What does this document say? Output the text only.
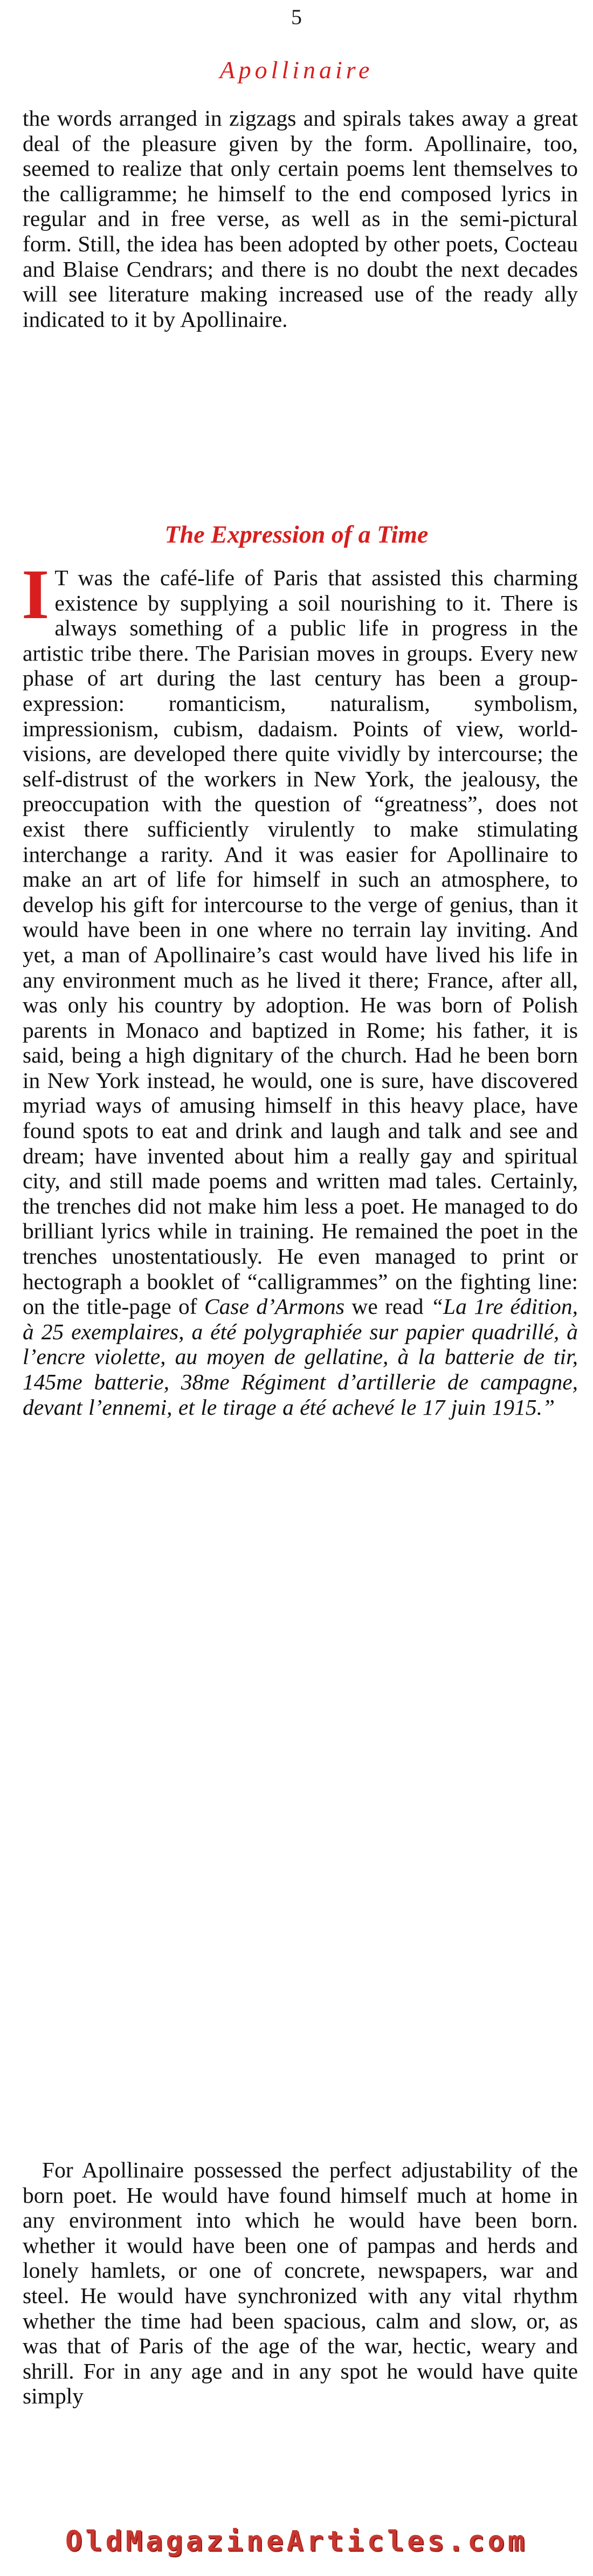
5
Apollinaire

the words arranged in zigzags and spirals takes away a great deal of the pleasure given by the form. Apollinaire, too, seemed to realize that only certain poems lent themselves to the calligramme; he himself to the end composed lyrics in regular and in free verse, as well as in the semi-pictural form. Still, the idea has been adopted by other poets, Cocteau and Blaise Cendrars; and there is no doubt the next decades will see literature making increased use of the ready ally indicated to it by Apollinaire.

The Expression of a Time

I T was the café-life of Paris that assisted this charming existence by supplying a soil nourishing to it. There is always something of a public life in progress in the artistic tribe there. The Parisian moves in groups. Every new phase of art during the last century has been a group-expression: romanticism, naturalism, symbolism, impressionism, cubism, dadaism. Points of view, world-visions, are developed there quite vividly by intercourse; the self-distrust of the workers in New York, the jealousy, the preoccupation with the question of “greatness”, does not exist there sufficiently virulently to make stimulating interchange a rarity. And it was easier for Apollinaire to make an art of life for himself in such an atmosphere, to develop his gift for intercourse to the verge of genius, than it would have been in one where no terrain lay inviting. And yet, a man of Apollinaire’s cast would have lived his life in any environment much as he lived it there; France, after all, was only his country by adoption. He was born of Polish parents in Monaco and baptized in Rome; his father, it is said, being a high dignitary of the church. Had he been born in New York instead, he would, one is sure, have discovered myriad ways of amusing himself in this heavy place, have found spots to eat and drink and laugh and talk and see and dream; have invented about him a really gay and spiritual city, and still made poems and written mad tales. Certainly, the trenches did not make him less a poet. He managed to do brilliant lyrics while in training. He remained the poet in the trenches unostentatiously. He even managed to print or hectograph a booklet of “calligrammes” on the fighting line: on the title-page of Case d’Armons we read “La 1re édition, à 25 exemplaires, a été polygraphiée sur papier quadrillé, à l’encre violette, au moyen de gellatine, à la batterie de tir, 145me batterie, 38me Régiment d’artillerie de campagne, devant l’ennemi, et le tirage a été achevé le 17 juin 1915.”

For Apollinaire possessed the perfect adjustability of the born poet. He would have found himself much at home in any environment into which he would have been born. whether it would have been one of pampas and herds and lonely hamlets, or one of concrete, newspapers, war and steel. He would have synchronized with any vital rhythm whether the time had been spacious, calm and slow, or, as was that of Paris of the age of the war, hectic, weary and shrill. For in any age and in any spot he would have quite simply

OldMagazineArticles.com
